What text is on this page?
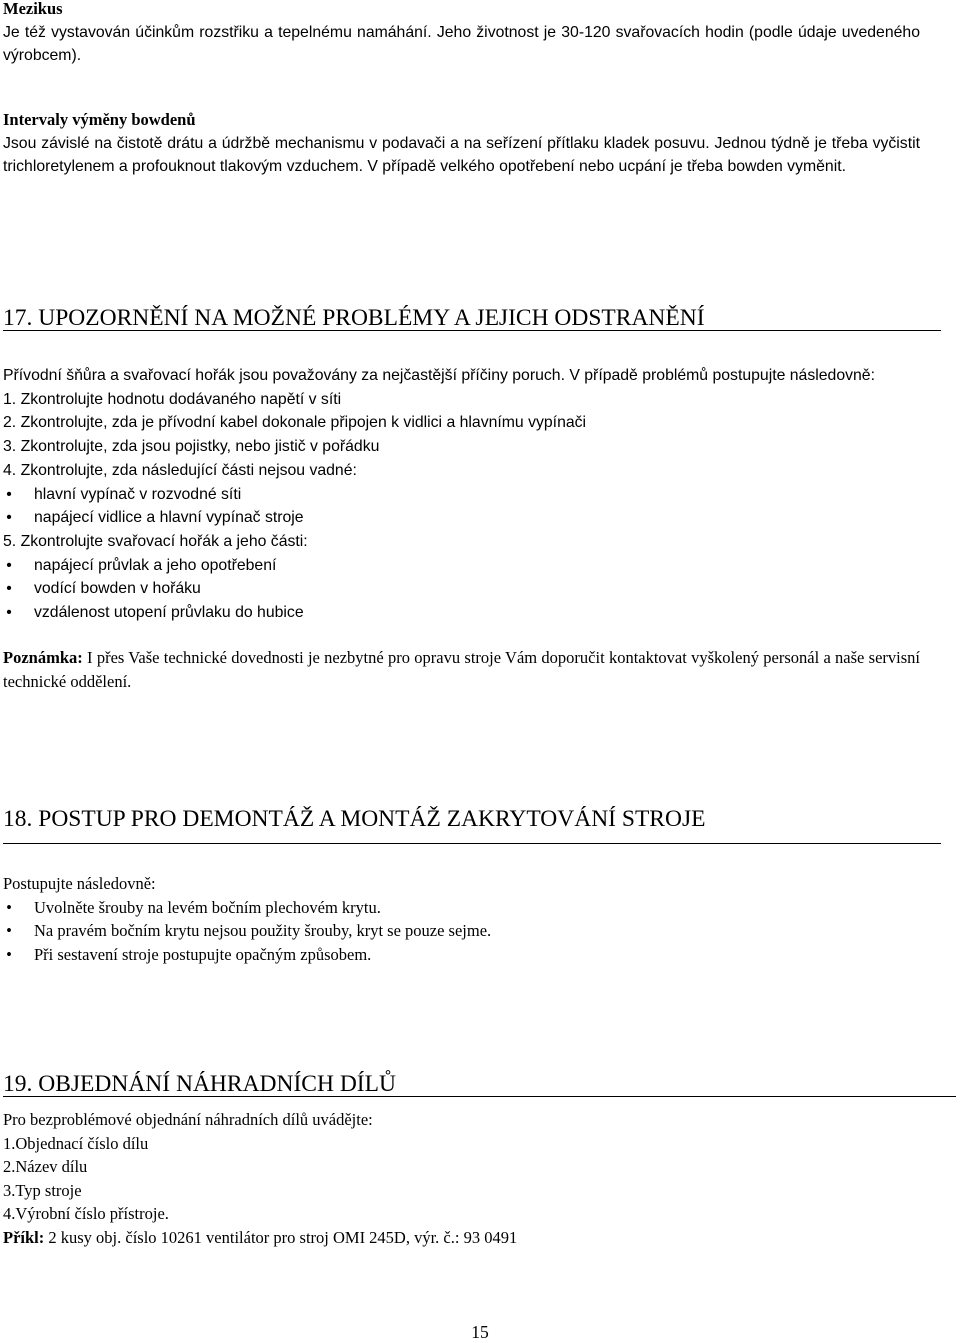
Mezikus
Je též vystavován účinkům rozstřiku a tepelnému namáhání. Jeho životnost je 30-120 svařovacích hodin (podle údaje uvedeného výrobcem).
Intervaly výměny bowdenů
Jsou závislé na čistotě drátu a údržbě mechanismu v podavači a na seřízení přítlaku kladek posuvu. Jednou týdně je třeba vyčistit trichloretylenem a profouknout tlakovým vzduchem. V případě velkého opotřebení nebo ucpání je třeba bowden vyměnit.
17. UPOZORNĚNÍ NA MOŽNÉ PROBLÉMY A JEJICH ODSTRANĚNÍ
Přívodní šňůra a svařovací hořák jsou považovány za nejčastější příčiny poruch. V případě problémů postupujte následovně:
1. Zkontrolujte hodnotu dodávaného napětí v síti
2. Zkontrolujte, zda je přívodní kabel dokonale připojen k vidlici a hlavnímu vypínači
3. Zkontrolujte, zda jsou pojistky, nebo jistič v pořádku
4. Zkontrolujte, zda následující části nejsou vadné:
• hlavní vypínač v rozvodné síti
• napájecí vidlice a hlavní vypínač stroje
5. Zkontrolujte svařovací hořák a jeho části:
• napájecí průvlak a jeho opotřebení
• vodící bowden v hořáku
• vzdálenost utopení průvlaku do hubice
Poznámka: I přes Vaše technické dovednosti je nezbytné pro opravu stroje Vám doporučit kontaktovat vyškolený personál a naše servisní technické oddělení.
18. POSTUP PRO DEMONTÁŽ A MONTÁŽ ZAKRYTOVÁNÍ STROJE
Postupujte následovně:
• Uvolněte šrouby na levém bočním plechovém krytu.
• Na pravém bočním krytu nejsou použity šrouby, kryt se pouze sejme.
• Při sestavení stroje postupujte opačným způsobem.
19. OBJEDNÁNÍ NÁHRADNÍCH DÍLŮ
Pro bezproblémové objednání náhradních dílů uvádějte:
1.Objednací číslo dílu
2.Název dílu
3.Typ stroje
4.Výrobní číslo přístroje.
Příkl: 2 kusy obj. číslo 10261 ventilátor pro stroj OMI 245D, výr. č.: 93 0491
15
